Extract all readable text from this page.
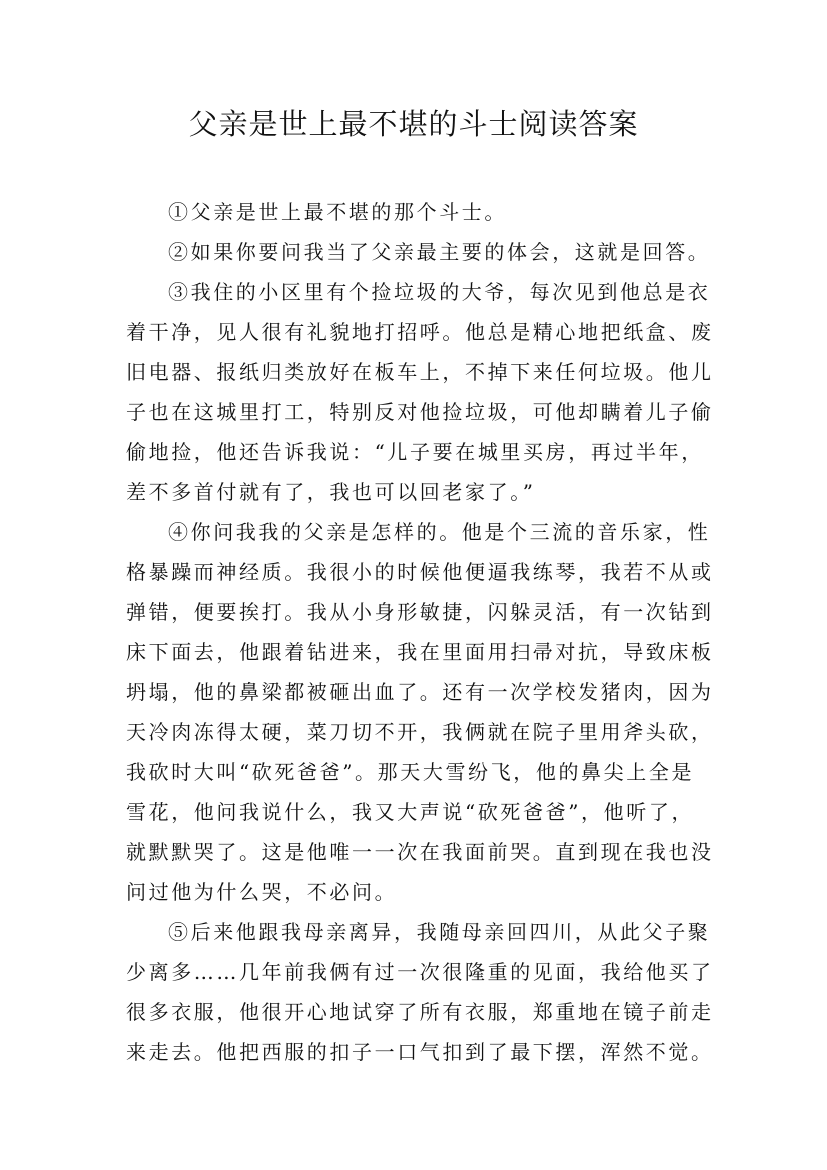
父亲是世上最不堪的斗士阅读答案
①父亲是世上最不堪的那个斗士。
②如果你要问我当了父亲最主要的体会，这就是回答。
③我住的小区里有个捡垃圾的大爷，每次见到他总是衣
着干净，见人很有礼貌地打招呼。他总是精心地把纸盒、废
旧电器、报纸归类放好在板车上，不掉下来任何垃圾。他儿
子也在这城里打工，特别反对他捡垃圾，可他却瞒着儿子偷
偷地捡，他还告诉我说：“儿子要在城里买房，再过半年，
差不多首付就有了，我也可以回老家了。”
④你问我我的父亲是怎样的。他是个三流的音乐家，性
格暴躁而神经质。我很小的时候他便逼我练琴，我若不从或
弹错，便要挨打。我从小身形敏捷，闪躲灵活，有一次钻到
床下面去，他跟着钻进来，我在里面用扫帚对抗，导致床板
坍塌，他的鼻梁都被砸出血了。还有一次学校发猪肉，因为
天冷肉冻得太硬，菜刀切不开，我俩就在院子里用斧头砍，
我砍时大叫“砍死爸爸”。那天大雪纷飞，他的鼻尖上全是
雪花，他问我说什么，我又大声说“砍死爸爸”，他听了，
就默默哭了。这是他唯一一次在我面前哭。直到现在我也没
问过他为什么哭，不必问。
⑤后来他跟我母亲离异，我随母亲回四川，从此父子聚
少离多……几年前我俩有过一次很隆重的见面，我给他买了
很多衣服，他很开心地试穿了所有衣服，郑重地在镜子前走
来走去。他把西服的扣子一口气扣到了最下摆，浑然不觉。
